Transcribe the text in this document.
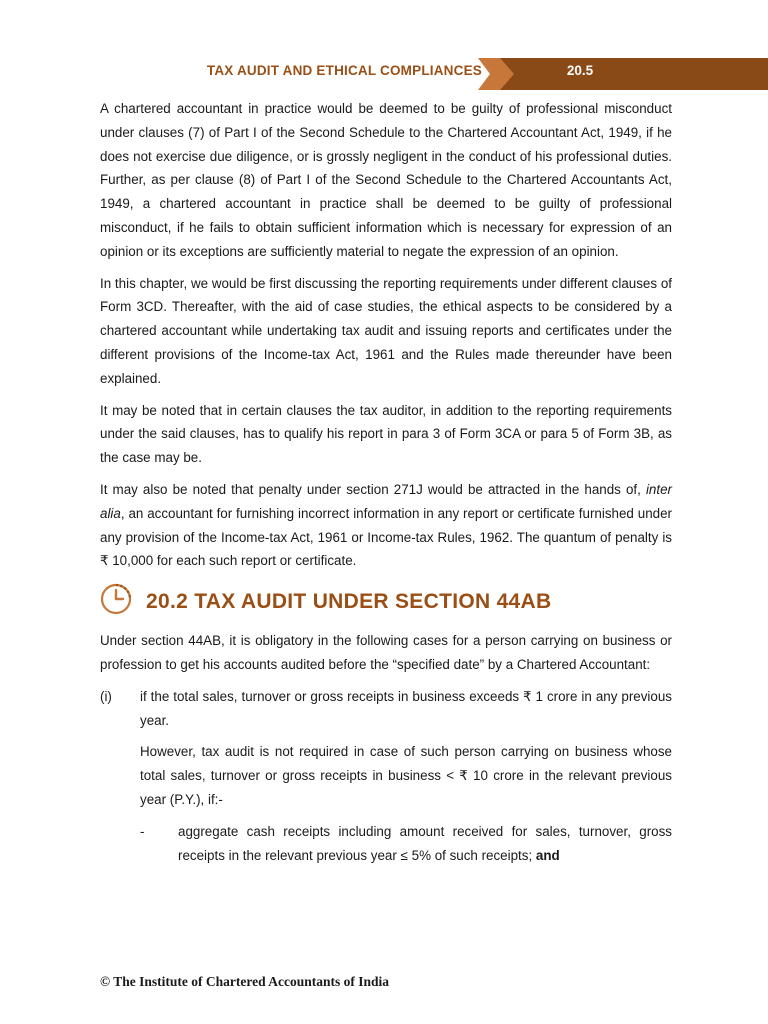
TAX AUDIT AND ETHICAL COMPLIANCES	20.5

A chartered accountant in practice would be deemed to be guilty of professional misconduct under clauses (7) of Part I of the Second Schedule to the Chartered Accountant Act, 1949, if he does not exercise due diligence, or is grossly negligent in the conduct of his professional duties. Further, as per clause (8) of Part I of the Second Schedule to the Chartered Accountants Act, 1949, a chartered accountant in practice shall be deemed to be guilty of professional misconduct, if he fails to obtain sufficient information which is necessary for expression of an opinion or its exceptions are sufficiently material to negate the expression of an opinion.

In this chapter, we would be first discussing the reporting requirements under different clauses of Form 3CD. Thereafter, with the aid of case studies, the ethical aspects to be considered by a chartered accountant while undertaking tax audit and issuing reports and certificates under the different provisions of the Income-tax Act, 1961 and the Rules made thereunder have been explained.

It may be noted that in certain clauses the tax auditor, in addition to the reporting requirements under the said clauses, has to qualify his report in para 3 of Form 3CA or para 5 of Form 3B, as the case may be.

It may also be noted that penalty under section 271J would be attracted in the hands of, inter alia, an accountant for furnishing incorrect information in any report or certificate furnished under any provision of the Income-tax Act, 1961 or Income-tax Rules, 1962. The quantum of penalty is ₹ 10,000 for each such report or certificate.

20.2 TAX AUDIT UNDER SECTION 44AB

Under section 44AB, it is obligatory in the following cases for a person carrying on business or profession to get his accounts audited before the “specified date” by a Chartered Accountant:

(i) if the total sales, turnover or gross receipts in business exceeds ₹ 1 crore in any previous year.

However, tax audit is not required in case of such person carrying on business whose total sales, turnover or gross receipts in business < ₹ 10 crore in the relevant previous year (P.Y.), if:-

-	aggregate cash receipts including amount received for sales, turnover, gross receipts in the relevant previous year ≤ 5% of such receipts; and

© The Institute of Chartered Accountants of India
